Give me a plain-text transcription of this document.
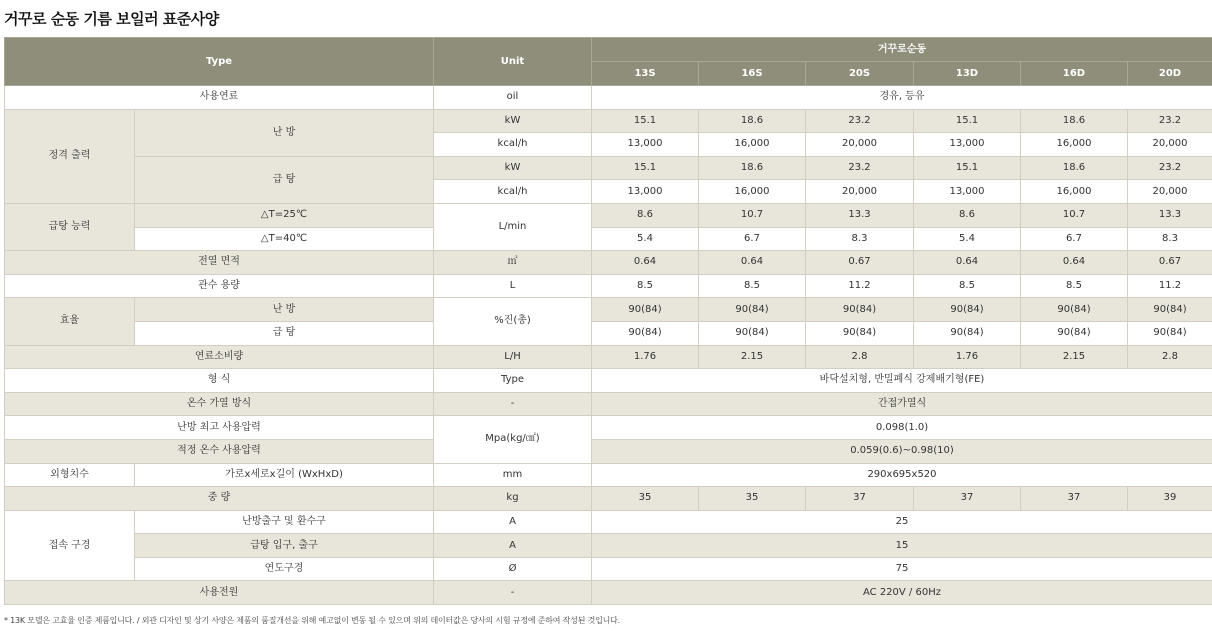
거꾸로 순동 기름 보일러 표준사양
Type		Unit	거꾸로순동					
			13S	16S	20S	13D	16D	20D
사용연료		oil	경유, 등유					
정격 출력	난 방	kW	15.1	18.6	23.2	15.1	18.6	23.2
		kcal/h	13,000	16,000	20,000	13,000	16,000	20,000
	급 탕	kW	15.1	18.6	23.2	15.1	18.6	23.2
		kcal/h	13,000	16,000	20,000	13,000	16,000	20,000
급탕 능력	△T=25℃	L/min	8.6	10.7	13.3	8.6	10.7	13.3
	△T=40℃		5.4	6.7	8.3	5.4	6.7	8.3
전열 면적		㎡	0.64	0.64	0.67	0.64	0.64	0.67
관수 용량		L	8.5	8.5	11.2	8.5	8.5	11.2
효율	난 방	%진(총)	90(84)	90(84)	90(84)	90(84)	90(84)	90(84)
	급 탕		90(84)	90(84)	90(84)	90(84)	90(84)	90(84)
연료소비량		L/H	1.76	2.15	2.8	1.76	2.15	2.8
형 식		Type	바닥설치형, 반밀폐식 강제배기형(FE)					
온수 가열 방식		-	간접가열식					
난방 최고 사용압력		Mpa(kg/㎠)	0.098(1.0)					
적정 온수 사용압력			0.059(0.6)~0.98(10)					
외형치수	가로x세로x길이 (WxHxD)	mm	290x695x520					
중 량		kg	35	35	37	37	37	39
접속 구경	난방출구 및 환수구	A	25					
	급탕 입구, 출구	A	15					
	연도구경	Ø	75					
사용전원		-	AC 220V / 60Hz					
* 13K 모델은 고효율 인증 제품입니다. / 외관 디자인 및 상기 사양은 제품의 품질개선을 위해 예고없이 변동 될 수 있으며 위의 데이터값은 당사의 시험 규정에 준하여 작성된 것입니다.
